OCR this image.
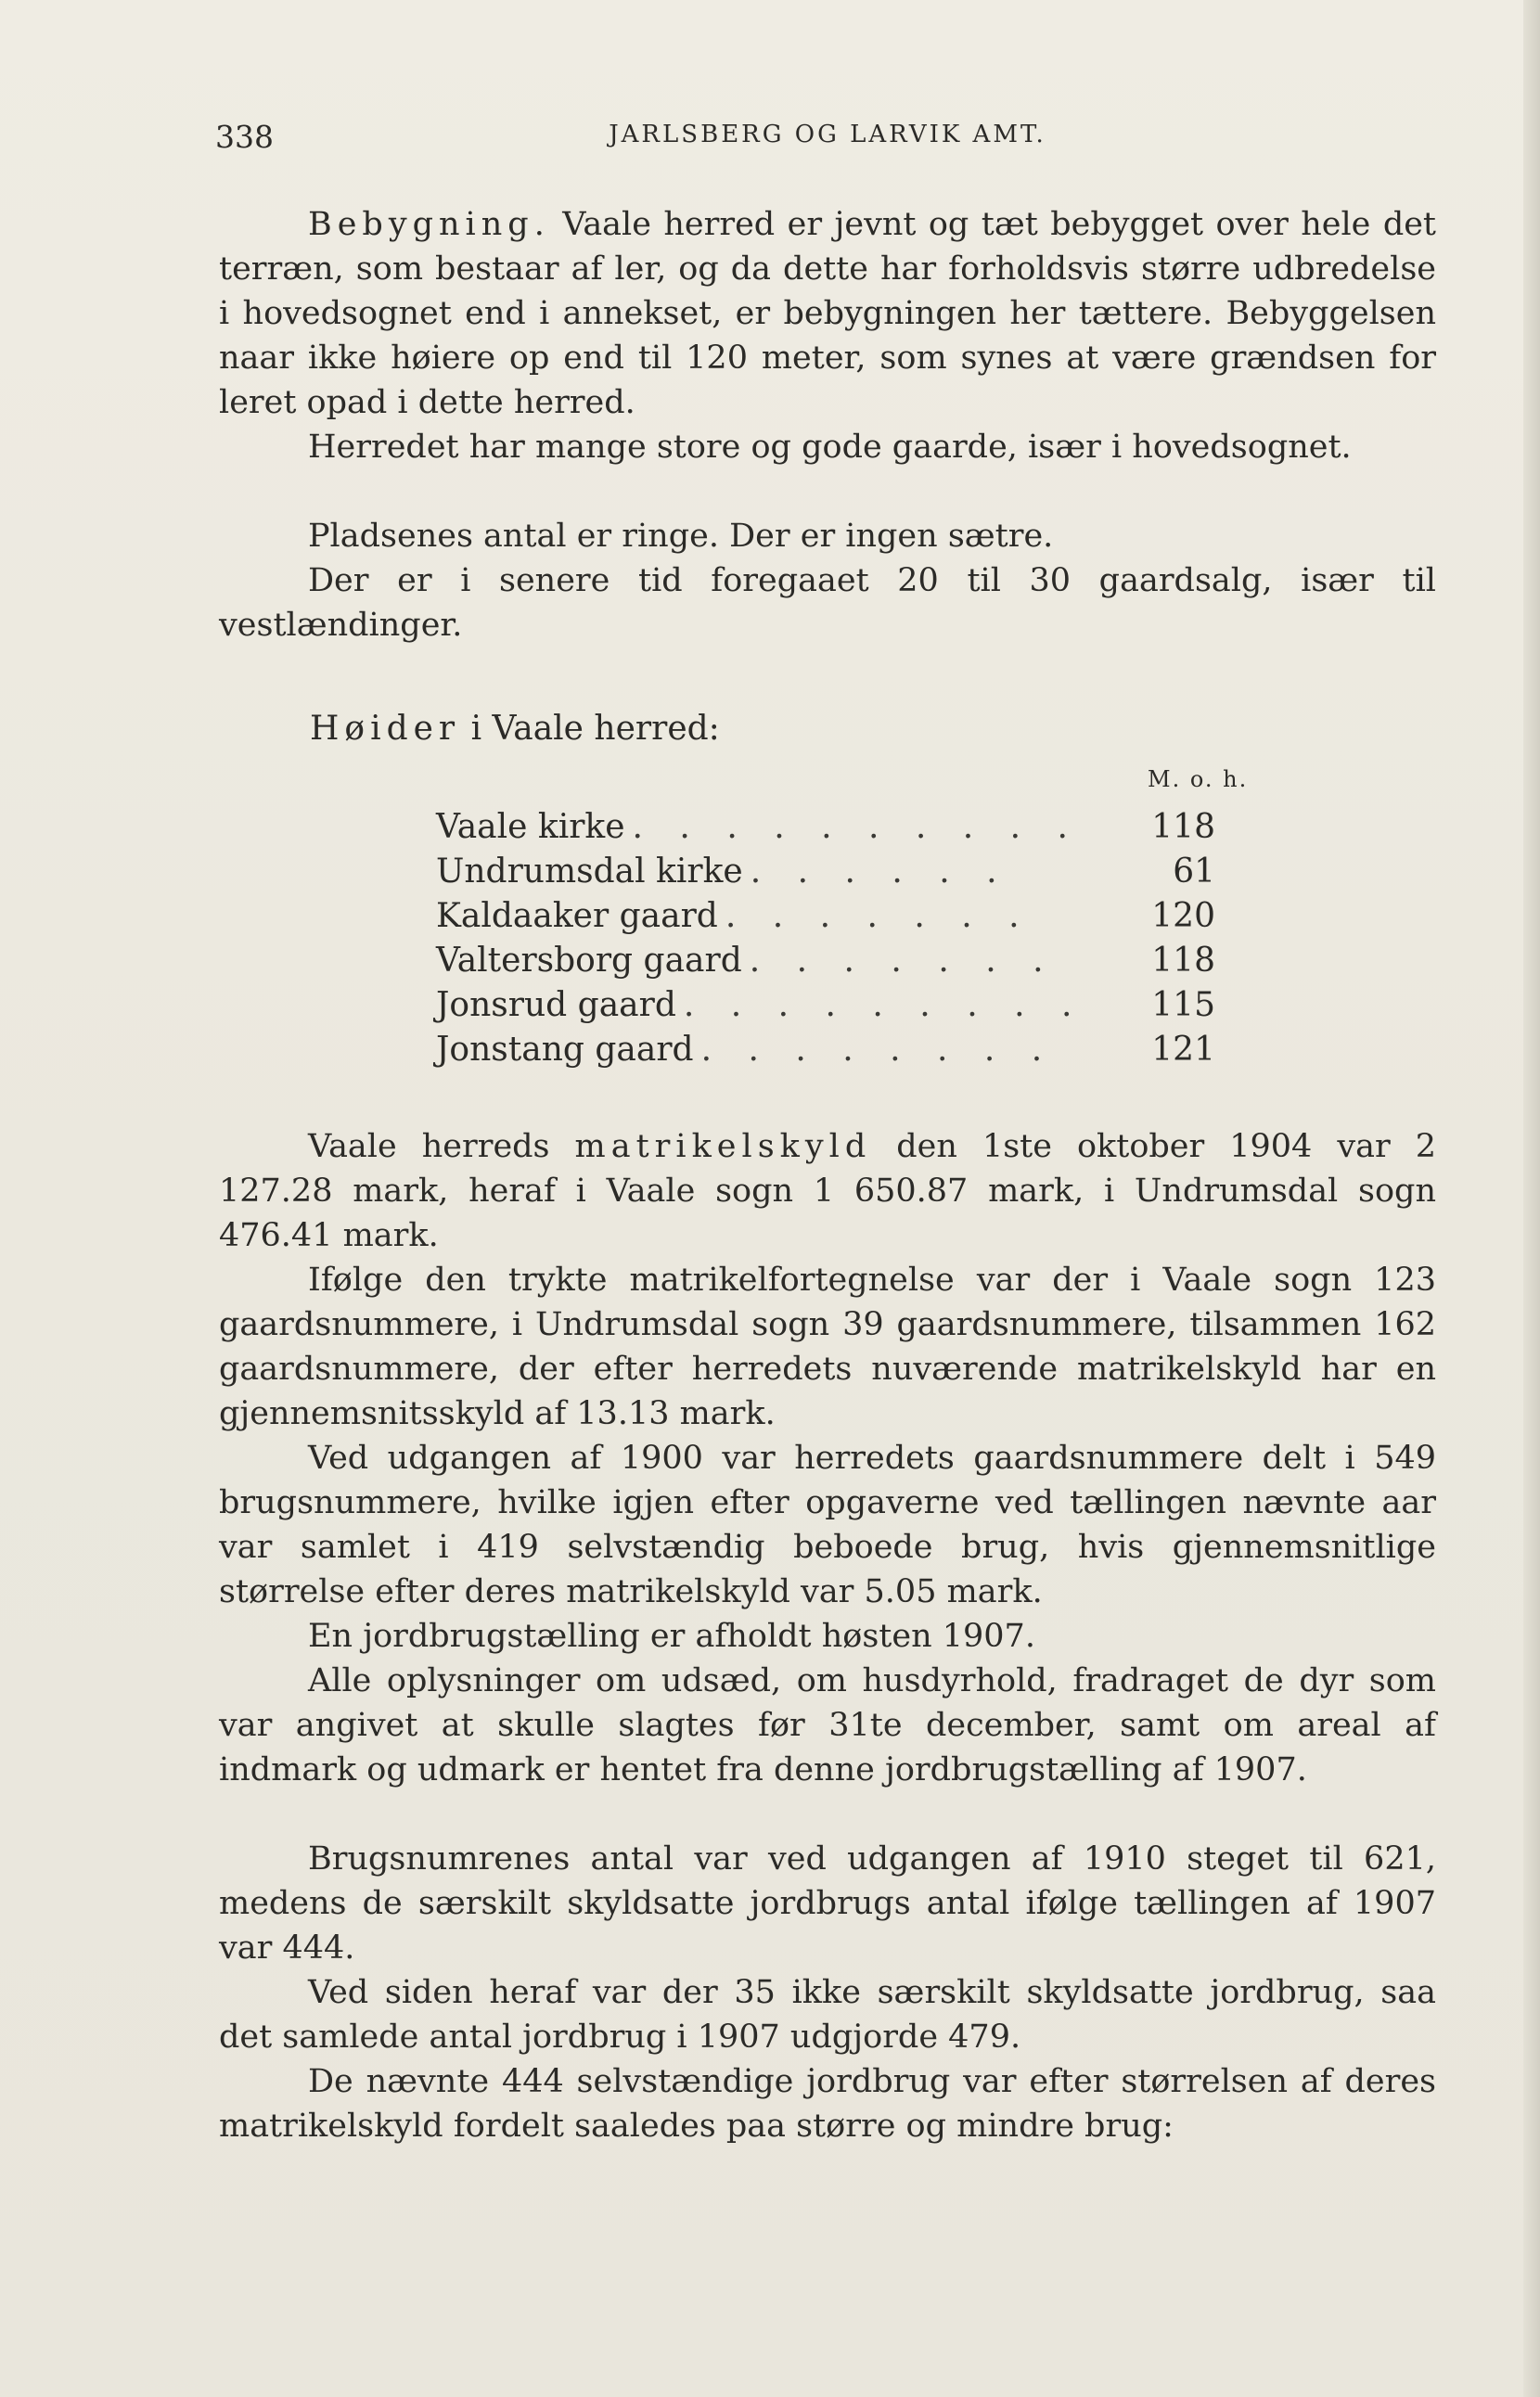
338	JARLSBERG OG LARVIK AMT.

Bebygning. Vaale herred er jevnt og tæt bebygget over hele det terræn, som bestaar af ler, og da dette har forholdsvis større udbredelse i hovedsognet end i annekset, er bebygningen her tættere. Bebyggelsen naar ikke høiere op end til 120 meter, som synes at være grændsen for leret opad i dette herred.

Herredet har mange store og gode gaarde, især i hovedsognet.

Pladsenes antal er ringe. Der er ingen sætre.

Der er i senere tid foregaaet 20 til 30 gaardsalg, især til vestlændinger.

Høider i Vaale herred:
M. o. h.
Vaale kirke . . . . . . . . . .	118
Undrumsdal kirke . . . . . .	61
Kaldaaker gaard . . . . . . .	120
Valtersborg gaard . . . . . . .	118
Jonsrud gaard . . . . . . . . .	115
Jonstang gaard . . . . . . . .	121

Vaale herreds matrikelskyld den 1ste oktober 1904 var 2 127.28 mark, heraf i Vaale sogn 1 650.87 mark, i Undrumsdal sogn 476.41 mark.

Ifølge den trykte matrikelfortegnelse var der i Vaale sogn 123 gaardsnummere, i Undrumsdal sogn 39 gaardsnummere, tilsammen 162 gaardsnummere, der efter herredets nuværende matrikelskyld har en gjennemsnitsskyld af 13.13 mark.

Ved udgangen af 1900 var herredets gaardsnummere delt i 549 brugsnummere, hvilke igjen efter opgaverne ved tællingen nævnte aar var samlet i 419 selvstændig beboede brug, hvis gjennemsnitlige størrelse efter deres matrikelskyld var 5.05 mark.

En jordbrugstælling er afholdt høsten 1907.

Alle oplysninger om udsæd, om husdyrhold, fradraget de dyr som var angivet at skulle slagtes før 31te december, samt om areal af indmark og udmark er hentet fra denne jordbrugstælling af 1907.

Brugsnumrenes antal var ved udgangen af 1910 steget til 621, medens de særskilt skyldsatte jordbrugs antal ifølge tællingen af 1907 var 444.

Ved siden heraf var der 35 ikke særskilt skyldsatte jordbrug, saa det samlede antal jordbrug i 1907 udgjorde 479.

De nævnte 444 selvstændige jordbrug var efter størrelsen af deres matrikelskyld fordelt saaledes paa større og mindre brug:
